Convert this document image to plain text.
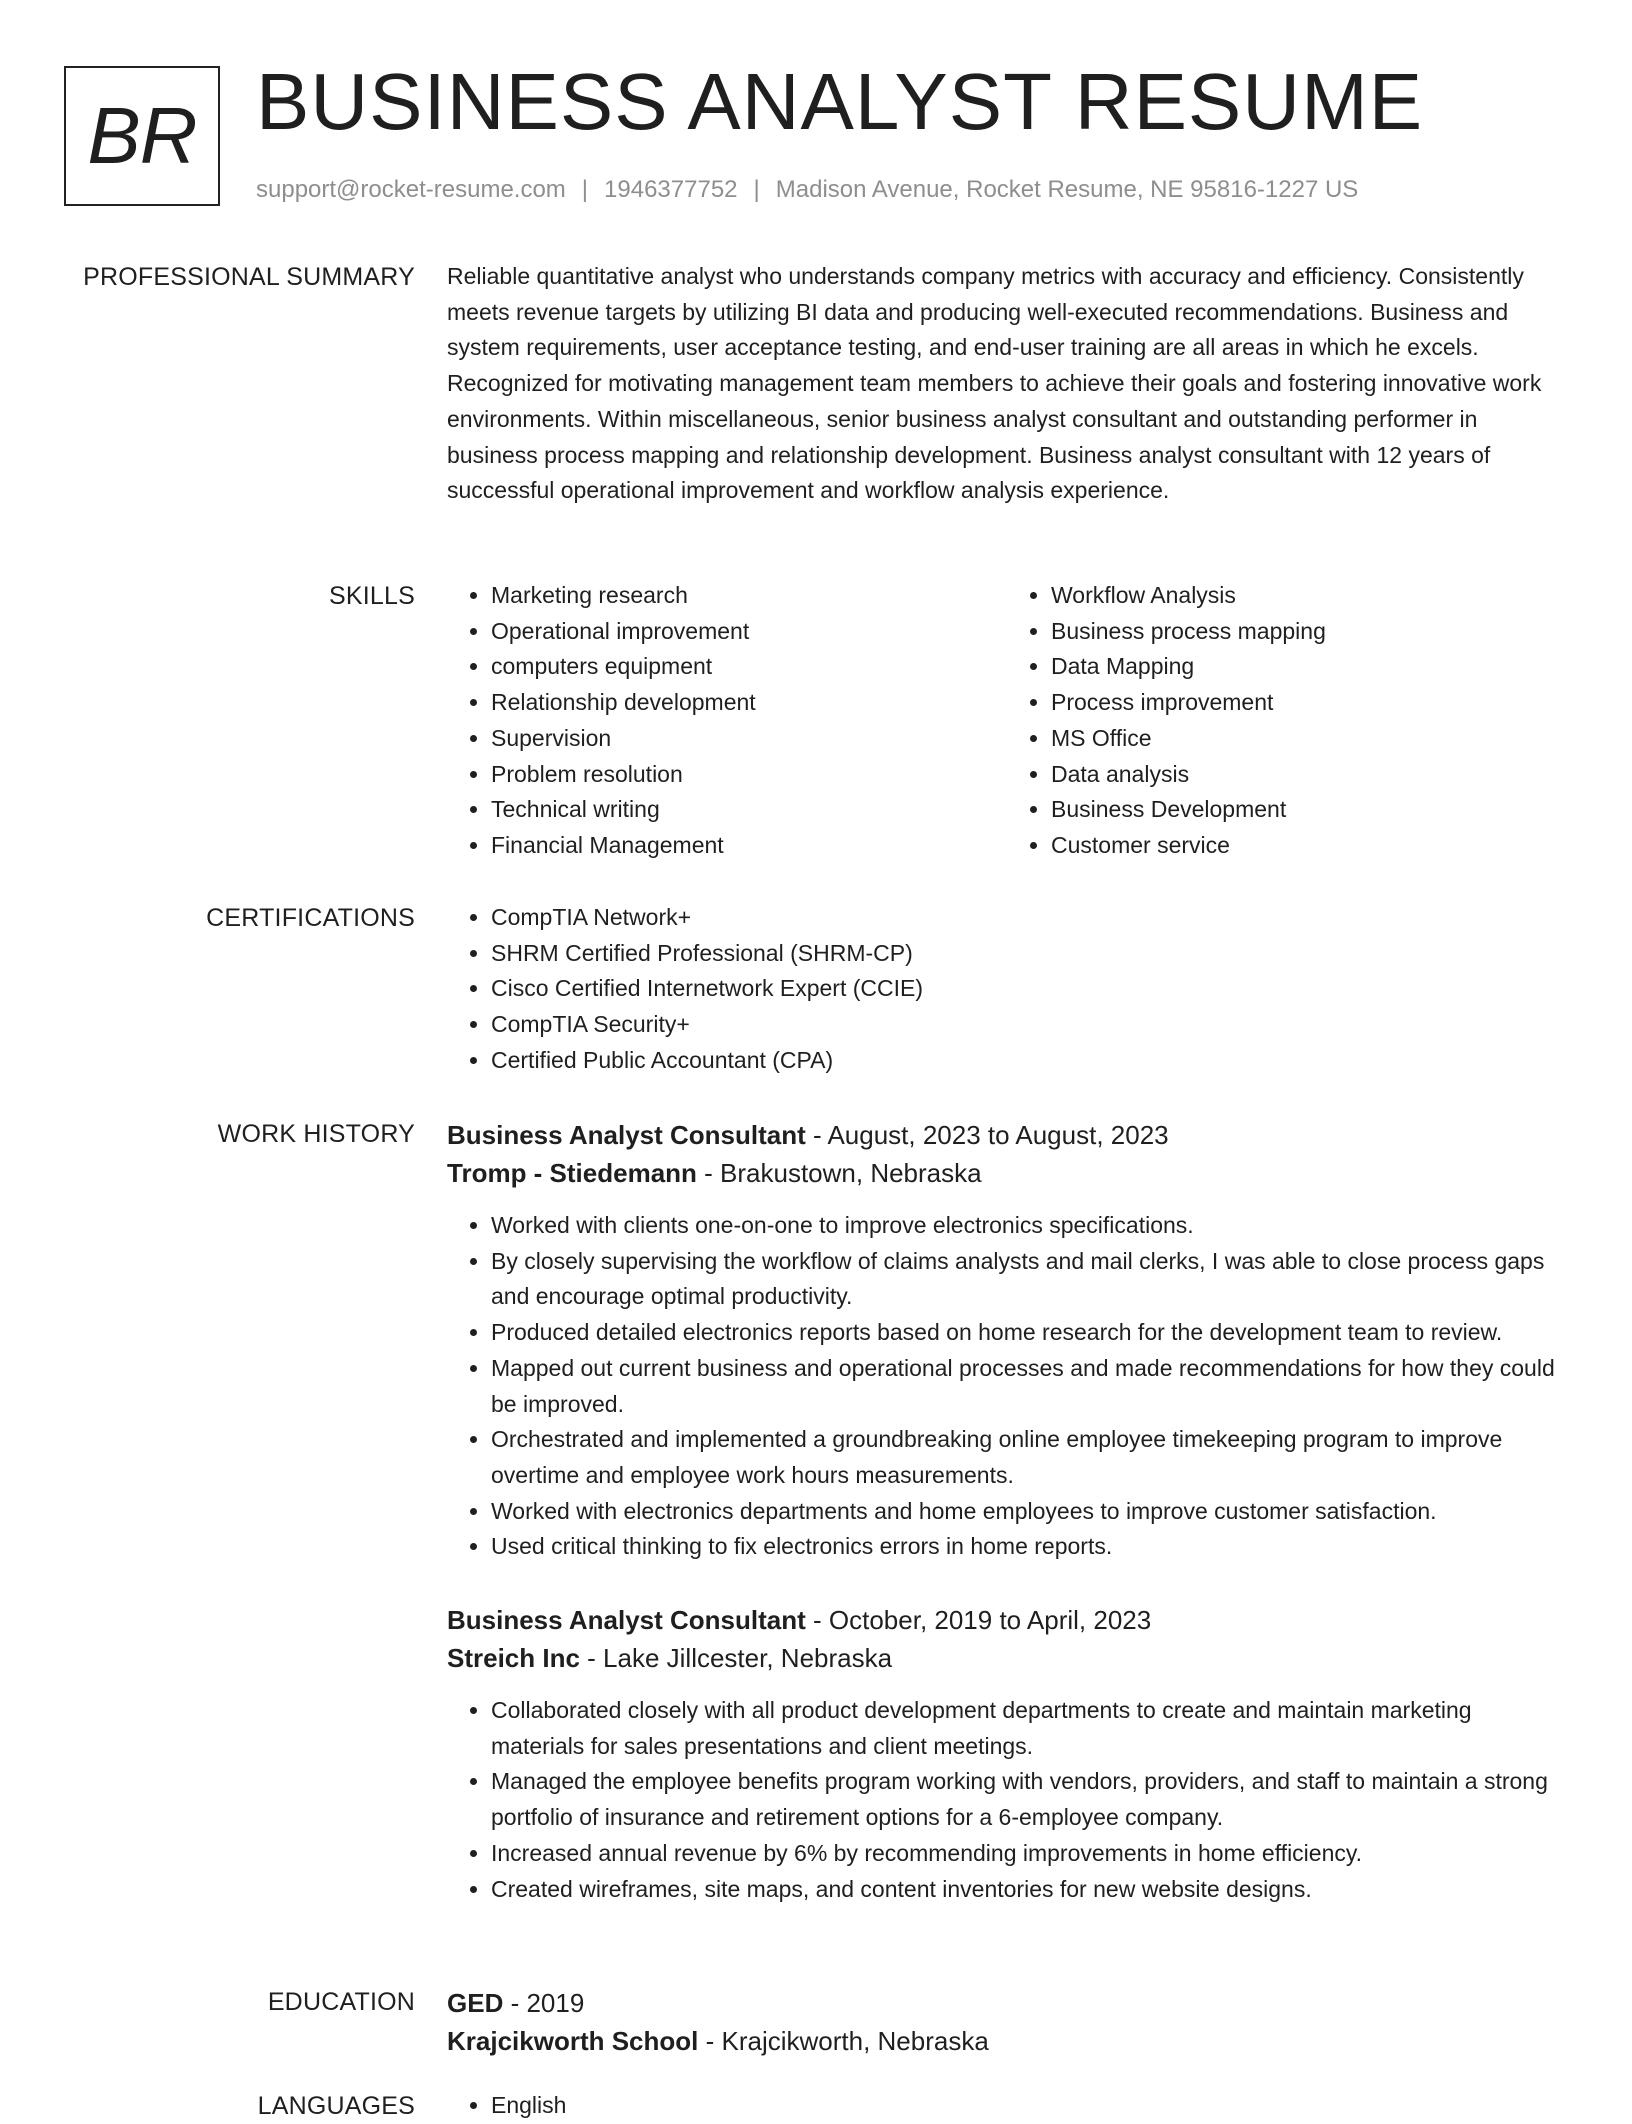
BR BUSINESS ANALYST RESUME
support@rocket-resume.com | 1946377752 | Madison Avenue, Rocket Resume, NE 95816-1227 US
PROFESSIONAL SUMMARY Reliable quantitative analyst who understands company metrics with accuracy and efficiency. Consistently meets revenue targets by utilizing BI data and producing well-executed recommendations. Business and system requirements, user acceptance testing, and end-user training are all areas in which he excels. Recognized for motivating management team members to achieve their goals and fostering innovative work environments. Within miscellaneous, senior business analyst consultant and outstanding performer in business process mapping and relationship development. Business analyst consultant with 12 years of successful operational improvement and workflow analysis experience.

SKILLS	• Marketing research
• Operational improvement
• computers equipment
• Relationship development
• Supervision
• Problem resolution
• Technical writing
• Financial Management
• Workflow Analysis
• Business process mapping
• Data Mapping
• Process improvement
• MS Office
• Data analysis
• Business Development
• Customer service
CERTIFICATIONS	• CompTIA Network+
• SHRM Certified Professional (SHRM-CP)
• Cisco Certified Internetwork Expert (CCIE)
• CompTIA Security+
• Certified Public Accountant (CPA)
WORK HISTORY Business Analyst Consultant - August, 2023 to August, 2023
Tromp - Stiedemann - Brakustown, Nebraska
• Worked with clients one-on-one to improve electronics specifications.
• By closely supervising the workflow of claims analysts and mail clerks, I was able to close process gaps and encourage optimal productivity.
• Produced detailed electronics reports based on home research for the development team to review.
• Mapped out current business and operational processes and made recommendations for how they could be improved.
• Orchestrated and implemented a groundbreaking online employee timekeeping program to improve overtime and employee work hours measurements.
• Worked with electronics departments and home employees to improve customer satisfaction.
• Used critical thinking to fix electronics errors in home reports.
Business Analyst Consultant - October, 2019 to April, 2023
Streich Inc - Lake Jillcester, Nebraska
• Collaborated closely with all product development departments to create and maintain marketing materials for sales presentations and client meetings.
• Managed the employee benefits program working with vendors, providers, and staff to maintain a strong portfolio of insurance and retirement options for a 6-employee company.
• Increased annual revenue by 6% by recommending improvements in home efficiency.
• Created wireframes, site maps, and content inventories for new website designs.
EDUCATION GED - 2019
Krajcikworth School - Krajcikworth, Nebraska
LANGUAGES	• English
